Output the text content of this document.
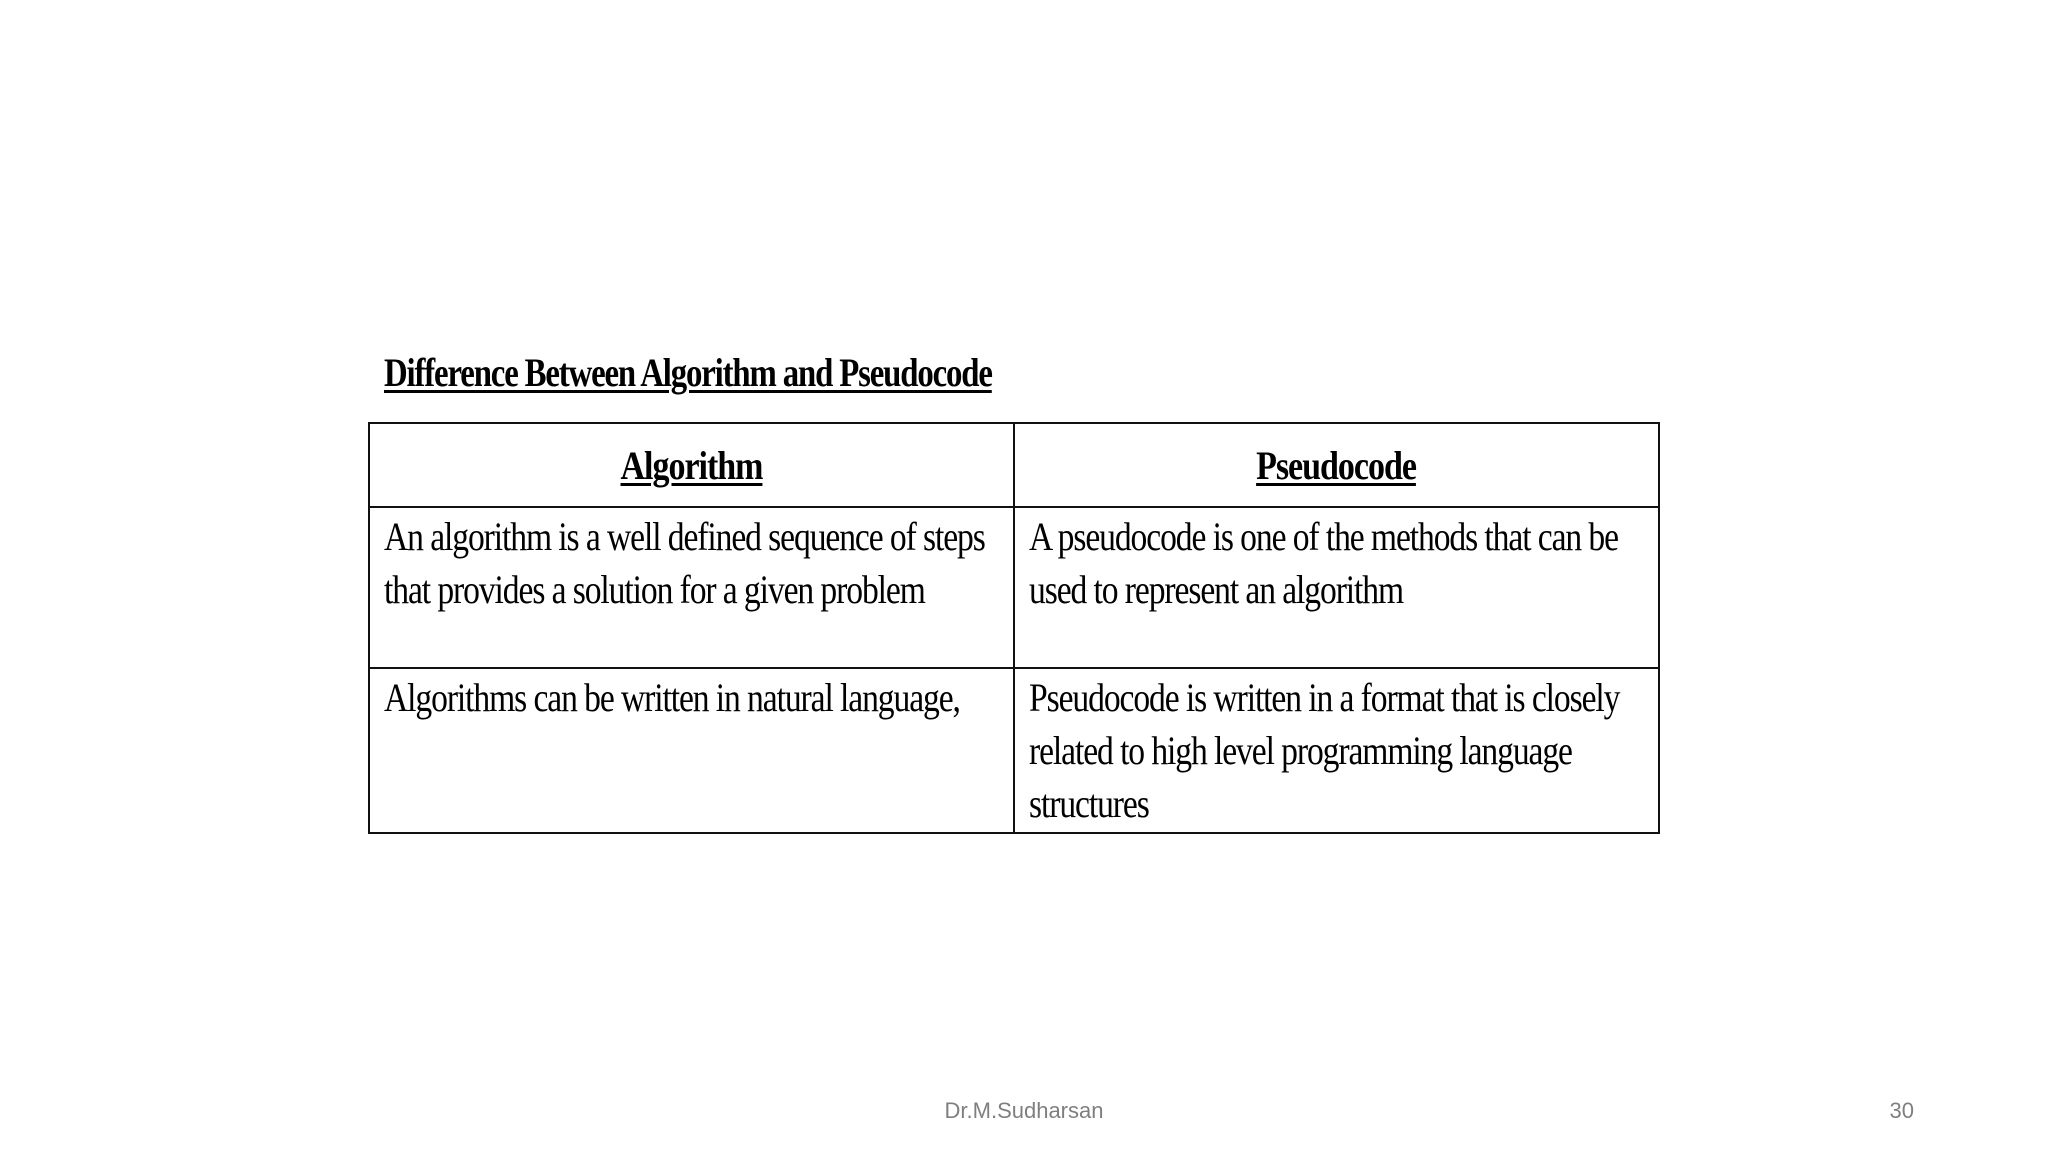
Difference Between Algorithm and Pseudocode
Algorithm	Pseudocode

An algorithm is a well defined sequence of steps that provides a solution for a given problem	A pseudocode is one of the methods that can be used to represent an algorithm

Algorithms can be written in natural language,	Pseudocode is written in a format that is closely related to high level programming language structures
Dr.M.Sudharsan	30
